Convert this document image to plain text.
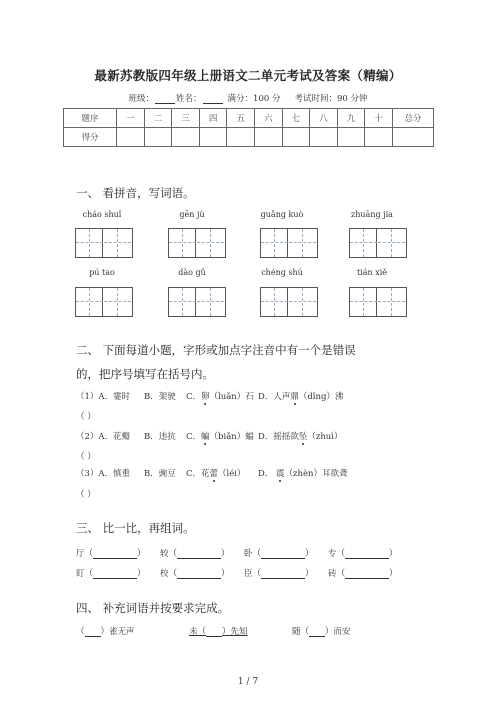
最新苏教版四年级上册语文二单元考试及答案（精编）
班级：	姓名：	满分：100 分 考试时间：90 分钟
题序	一	二	三	四	五	六	七	八	九	十	总分
得分											
一、 看拼音，写词语。
cháo shuǐ	gēn jù	guǎng kuò	zhuāng jia
pú tao	dào gǔ	chéng shú	tián xiě
二、 下面每道小题，字形或加点字注音中有一个是错误
的，把序号填写在括号内。
（1）A．霎时 B．架驶 C．卵（luǎn）石 D．人声鼎（dǐng）沸
（ ）
（2）A．花瓣 B．违抗 C．蝙（biǎn）蝠 D．摇摇欲坠（zhuì）
（ ）
（3）A．慎重 B．豌豆 C．花蕾（léi） D． 震（zhèn）耳欲聋
（ ）
三、 比一比，再组词。
厅（	） 较（	） 卧（	） 专（	）
盯（	） 校（	） 臣（	） 砖（	）
四、 补充词语并按要求完成。
（ ）雀无声	未（ ）先知	随（ ）而安
1 / 7
